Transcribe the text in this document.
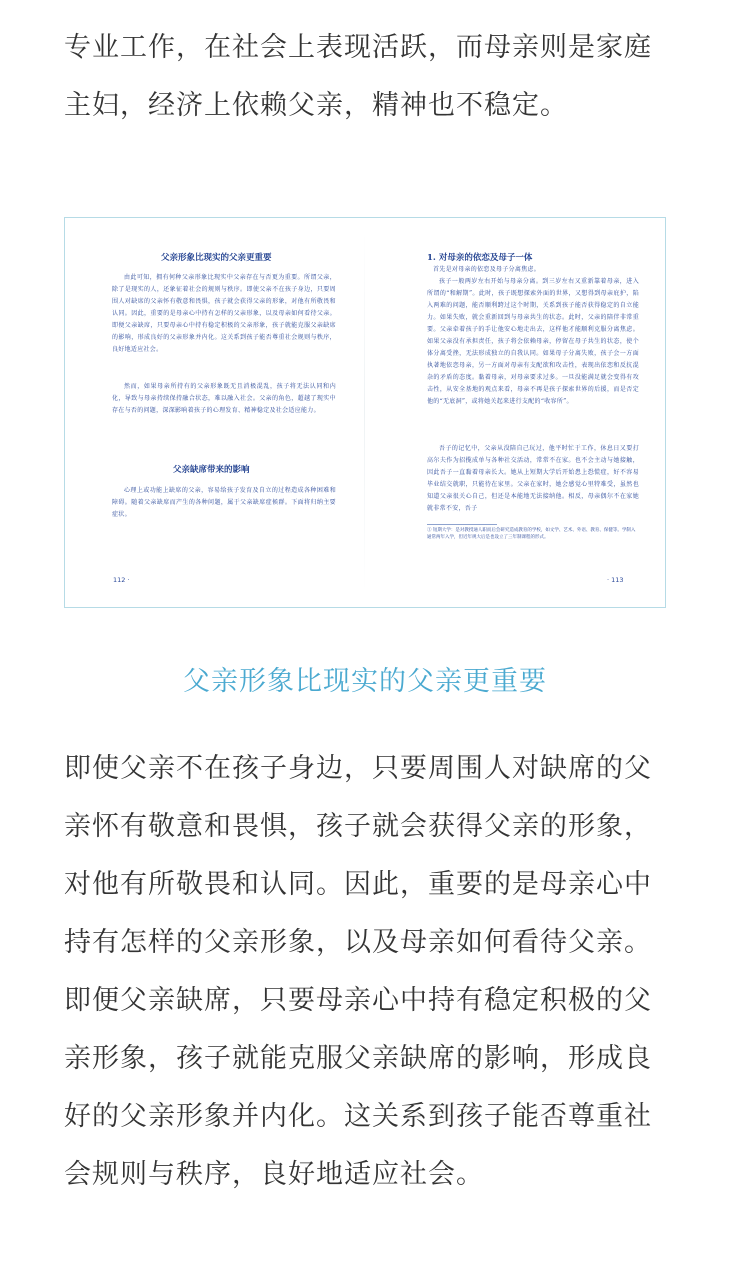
专业工作，在社会上表现活跃，而母亲则是家庭主妇，经济上依赖父亲，精神也不稳定。

父亲形象比现实的父亲更重要

由此可知，拥有何种父亲形象比现实中父亲存在与否更为重要。所谓父亲，除了是现实的人，还象征着社会的规则与秩序。即使父亲不在孩子身边，只要周围人对缺席的父亲怀有敬意和畏惧，孩子就会获得父亲的形象，对他有所敬畏和认同。因此，重要的是母亲心中持有怎样的父亲形象，以及母亲如何看待父亲。即便父亲缺席，只要母亲心中持有稳定积极的父亲形象，孩子就能克服父亲缺席的影响，形成良好的父亲形象并内化。这关系到孩子能否尊重社会规则与秩序，良好地适应社会。

然而，如果母亲所持有的父亲形象既无且消极混乱，孩子将无法认同和内化，导致与母亲持续保持融合状态，难以融入社会。父亲的角色，超越了现实中存在与否的问题，深深影响着孩子的心理发育、精神稳定及社会适应能力。

父亲缺席带来的影响

心理上或功能上缺席的父亲，容易给孩子发育及自立的过程造成各种困难和障碍。随着父亲缺席而产生的各种问题，属于父亲缺席症候群。下面将归纳主要症状。

112 ·
1. 对母亲的依恋及母子一体

首先是对母亲的依恋及母子分离焦虑。

孩子一般两岁左右开始与母亲分离。到三岁左右又重新靠着母亲，进入所谓的“和解期”。此时，孩子既想探索外面的世界，又想得到母亲庇护，陷入两难的问题，能否顺利跨过这个时期，关系到孩子能否获得稳定的自立能力。如果失败，就会重新回到与母亲共生的状态。此时，父亲的陪伴非常重要。父亲牵着孩子的手让他安心地走出去，这样他才能顺利克服分离焦虑。如果父亲没有承担责任，孩子将会依赖母亲，停留在母子共生的状态，使个体分离受挫，无法形成独立的自我认同。如果母子分离失败，孩子会一方面执著地依恋母亲，另一方面对母亲有支配欲和攻击性，表现出依恋和反抗混杂的矛盾的态度。黏着母亲，对母亲要求过多。一旦没能满足就会变得有攻击性，从安全基地的观点来看，母亲不再是孩子探索世界的后援，而是否定他的“无底洞”，或将她关起来进行支配的“收容所”。

吾子的记忆中，父亲从没陪自己玩过，他平时忙于工作，休息日又要打高尔夫作为招揽成单与各种社交活动，常常不在家。也不会主动与她接触，因此吾子一直黏着母亲长大。她从上短期大学后开始患上恐慌症，好不容易毕业结交就职，只能待在家里。父亲在家时，她会感觉心里特难受，虽然也知道父亲很关心自己，但还是本能地无法接纳他。相反，母亲偶尔不在家她就非常不安，吾子

① 短期大学：是对教授通人职而后会研究造成教育的学校，如文学、艺术、外语、教育、保健等。学制入通常两年入学，但近年规大后是也设立了三年制课程的形式。

· 113
父亲形象比现实的父亲更重要

即使父亲不在孩子身边，只要周围人对缺席的父亲怀有敬意和畏惧，孩子就会获得父亲的形象，对他有所敬畏和认同。因此，重要的是母亲心中持有怎样的父亲形象，以及母亲如何看待父亲。即便父亲缺席，只要母亲心中持有稳定积极的父亲形象，孩子就能克服父亲缺席的影响，形成良好的父亲形象并内化。这关系到孩子能否尊重社会规则与秩序，良好地适应社会。
